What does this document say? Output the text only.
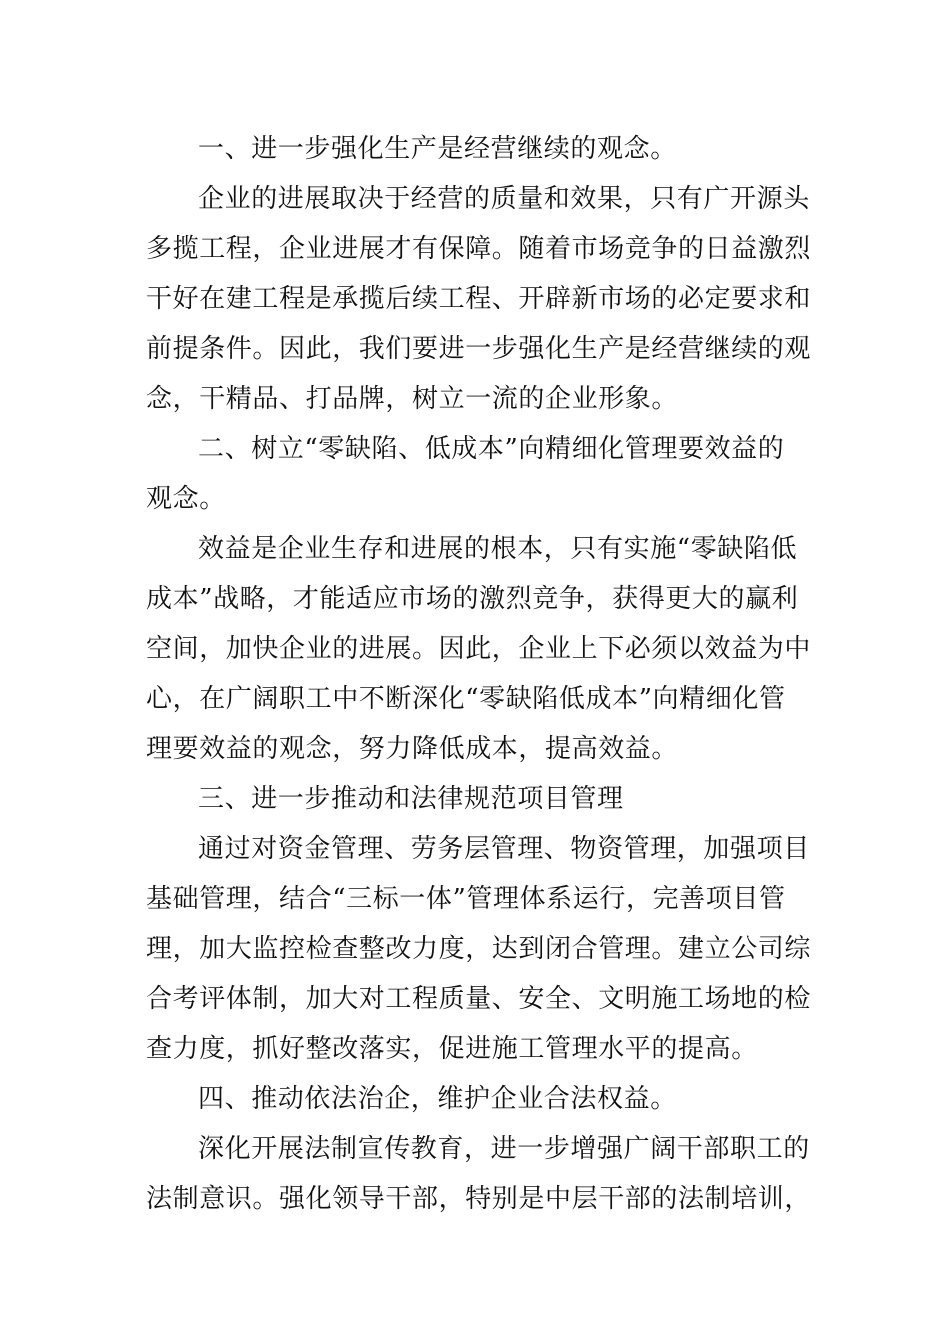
一、进一步强化生产是经营继续的观念。
企业的进展取决于经营的质量和效果，只有广开源头
多揽工程，企业进展才有保障。随着市场竞争的日益激烈
干好在建工程是承揽后续工程、开辟新市场的必定要求和
前提条件。因此，我们要进一步强化生产是经营继续的观
念，干精品、打品牌，树立一流的企业形象。
二、树立“零缺陷、低成本”向精细化管理要效益的
观念。
效益是企业生存和进展的根本，只有实施“零缺陷低
成本”战略，才能适应市场的激烈竞争，获得更大的赢利
空间，加快企业的进展。因此，企业上下必须以效益为中
心，在广阔职工中不断深化“零缺陷低成本”向精细化管
理要效益的观念，努力降低成本，提高效益。
三、进一步推动和法律规范项目管理
通过对资金管理、劳务层管理、物资管理，加强项目
基础管理，结合“三标一体”管理体系运行，完善项目管
理，加大监控检查整改力度，达到闭合管理。建立公司综
合考评体制，加大对工程质量、安全、文明施工场地的检
查力度，抓好整改落实，促进施工管理水平的提高。
四、推动依法治企，维护企业合法权益。
深化开展法制宣传教育，进一步增强广阔干部职工的
法制意识。强化领导干部，特别是中层干部的法制培训，
